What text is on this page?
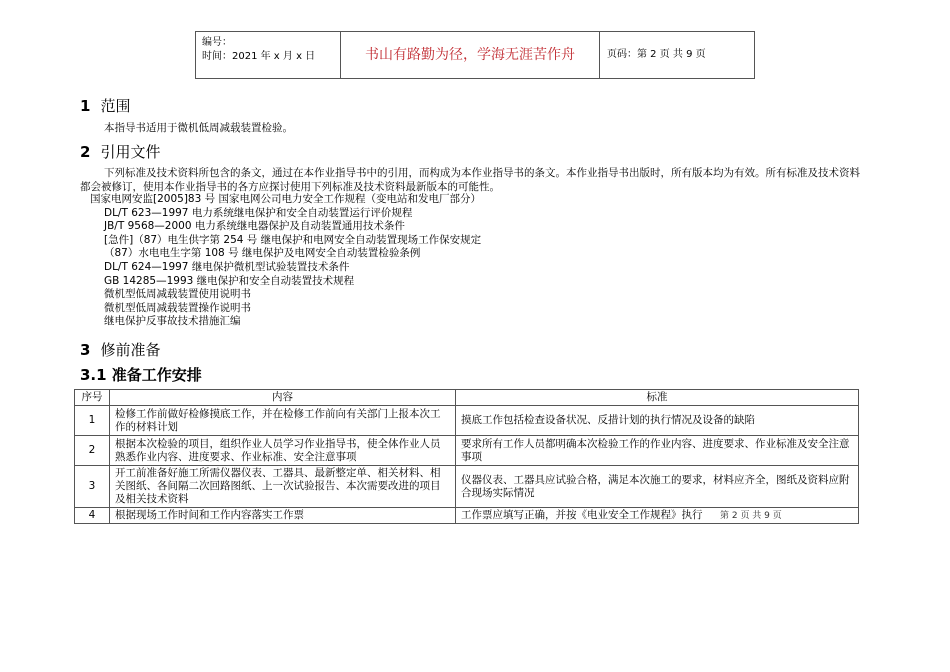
编号：
时间：2021 年 x 月 x 日	书山有路勤为径，学海无涯苦作舟	页码：第 2 页 共 9 页
1 范围
本指导书适用于微机低周减载装置检验。
2 引用文件
下列标准及技术资料所包含的条文，通过在本作业指导书中的引用，而构成为本作业指导书的条文。本作业指导书出版时，所有版本均为有效。所有标准及技术资料都会被修订，使用本作业指导书的各方应探讨使用下列标准及技术资料最新版本的可能性。
国家电网安监[2005]83 号 国家电网公司电力安全工作规程（变电站和发电厂部分）
DL/T 623—1997 电力系统继电保护和安全自动装置运行评价规程
JB/T 9568—2000 电力系统继电器保护及自动装置通用技术条件
[急件]（87）电生供字第 254 号 继电保护和电网安全自动装置现场工作保安规定
（87）水电电生字第 108 号 继电保护及电网安全自动装置检验条例
DL/T 624—1997 继电保护微机型试验装置技术条件
GB 14285—1993 继电保护和安全自动装置技术规程
微机型低周减载装置使用说明书
微机型低周减载装置操作说明书
继电保护反事故技术措施汇编
3 修前准备
3.1 准备工作安排
序号	内容	标准
1	检修工作前做好检修摸底工作，并在检修工作前向有关部门上报本次工作的材料计划	摸底工作包括检查设备状况、反措计划的执行情况及设备的缺陷
2	根据本次检验的项目，组织作业人员学习作业指导书，使全体作业人员熟悉作业内容、进度要求、作业标准、安全注意事项	要求所有工作人员都明确本次检验工作的作业内容、进度要求、作业标准及安全注意事项
3	开工前准备好施工所需仪器仪表、工器具、最新整定单、相关材料、相关图纸、各间隔二次回路图纸、上一次试验报告、本次需要改进的项目及相关技术资料	仪器仪表、工器具应试验合格，满足本次施工的要求，材料应齐全，图纸及资料应附合现场实际情况
4	根据现场工作时间和工作内容落实工作票	工作票应填写正确，并按《电业安全工作规程》执行 第 2 页 共 9 页
